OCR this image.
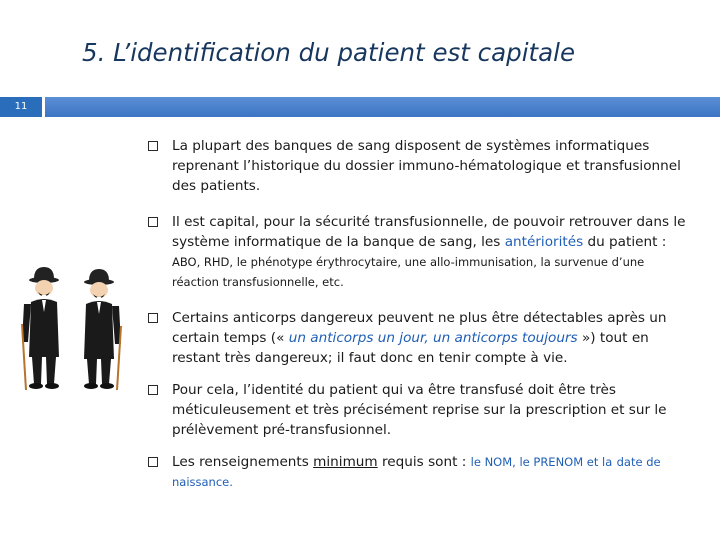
5. L’identification du patient est capitale
11
La plupart des banques de sang disposent de systèmes informatiques reprenant l’historique du dossier immuno-hématologique et transfusionnel des patients.
Il est capital, pour la sécurité transfusionnelle, de pouvoir retrouver dans le système informatique de la banque de sang, les antériorités du patient : ABO, RHD, le phénotype érythrocytaire, une allo-immunisation, la survenue d’une réaction transfusionnelle, etc.
Certains anticorps dangereux peuvent ne plus être détectables après un certain temps (« un anticorps un jour, un anticorps toujours ») tout en restant très dangereux; il faut donc en tenir compte à vie.
Pour cela, l’identité du patient qui va être transfusé doit être très méticuleusement et très précisément reprise sur la prescription et sur le prélèvement pré-transfusionnel.
Les renseignements minimum requis sont : le NOM, le PRENOM et la date de naissance.
